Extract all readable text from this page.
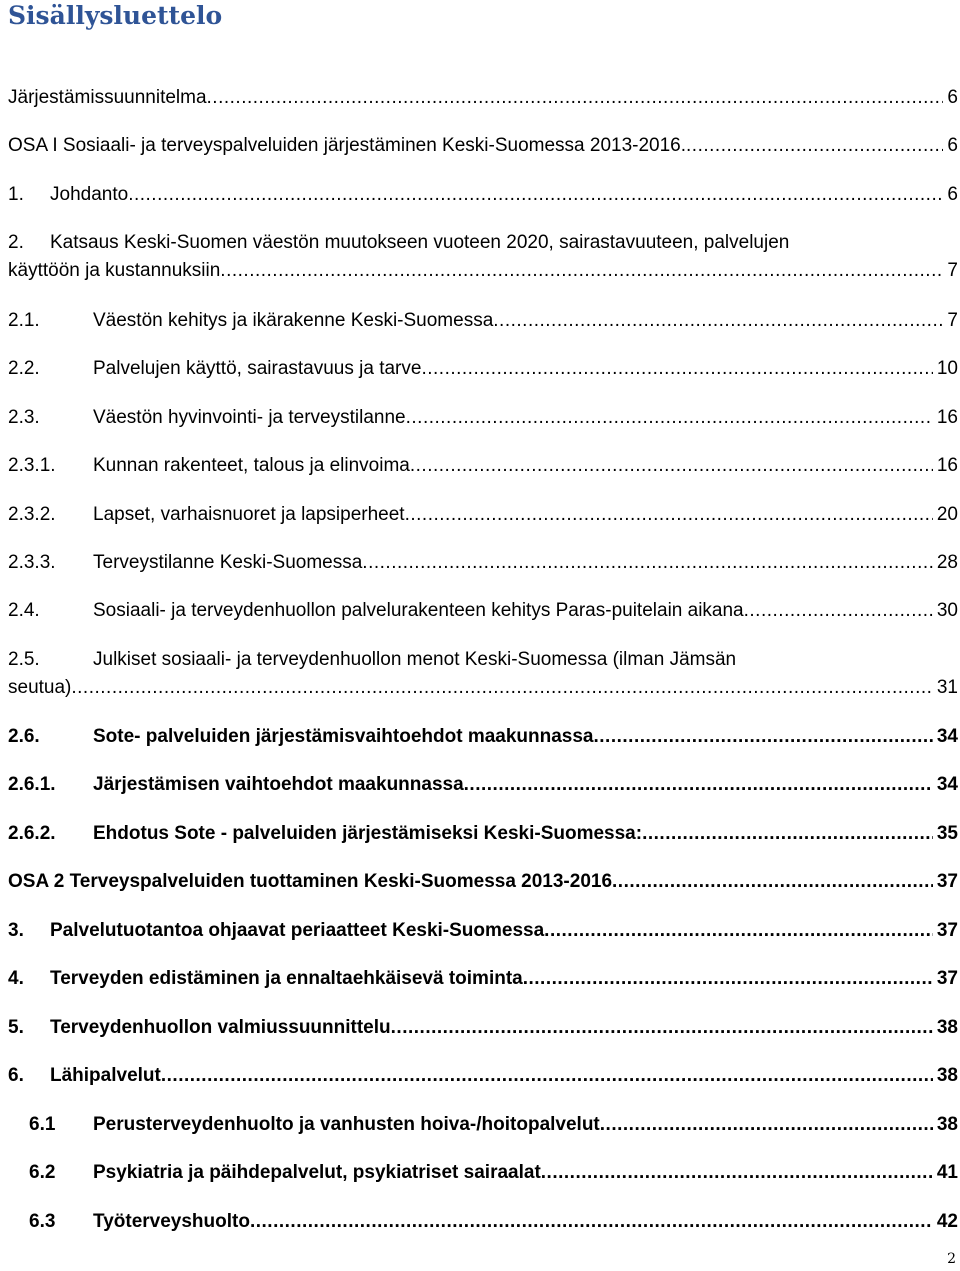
Sisällysluettelo
Järjestämissuunnitelma .....	6
OSA I Sosiaali- ja terveyspalveluiden järjestäminen Keski-Suomessa 2013-2016. .....	6
1.	Johdanto .....	6
2.	Katsaus Keski-Suomen väestön muutokseen vuoteen 2020, sairastavuuteen, palvelujen
käyttöön ja kustannuksiin .....	7
2.1.	Väestön kehitys ja ikärakenne Keski-Suomessa .....	7
2.2.	Palvelujen käyttö, sairastavuus ja tarve .....	10
2.3.	Väestön hyvinvointi- ja terveystilanne .....	16
2.3.1.	Kunnan rakenteet, talous ja elinvoima .....	16
2.3.2.	Lapset, varhaisnuoret ja lapsiperheet .....	20
2.3.3.	Terveystilanne Keski-Suomessa .....	28
2.4.	Sosiaali- ja terveydenhuollon palvelurakenteen kehitys Paras-puitelain aikana .....	30
2.5.	Julkiset sosiaali- ja terveydenhuollon menot Keski-Suomessa (ilman Jämsän
seutua) .....	31
2.6.	Sote- palveluiden järjestämisvaihtoehdot maakunnassa .....	34
2.6.1.	Järjestämisen vaihtoehdot maakunnassa .....	34
2.6.2.	Ehdotus Sote - palveluiden järjestämiseksi Keski-Suomessa: .....	35
OSA 2 Terveyspalveluiden tuottaminen Keski-Suomessa 2013-2016 .....	37
3.	Palvelutuotantoa ohjaavat periaatteet Keski-Suomessa .....	37
4.	Terveyden edistäminen ja ennaltaehkäisevä toiminta .....	37
5.	Terveydenhuollon valmiussuunnittelu .....	38
6.	Lähipalvelut .....	38
6.1	Perusterveydenhuolto ja vanhusten hoiva-/hoitopalvelut .....	38
6.2	Psykiatria ja päihdepalvelut, psykiatriset sairaalat .....	41
6.3	Työterveyshuolto .....	42
2
